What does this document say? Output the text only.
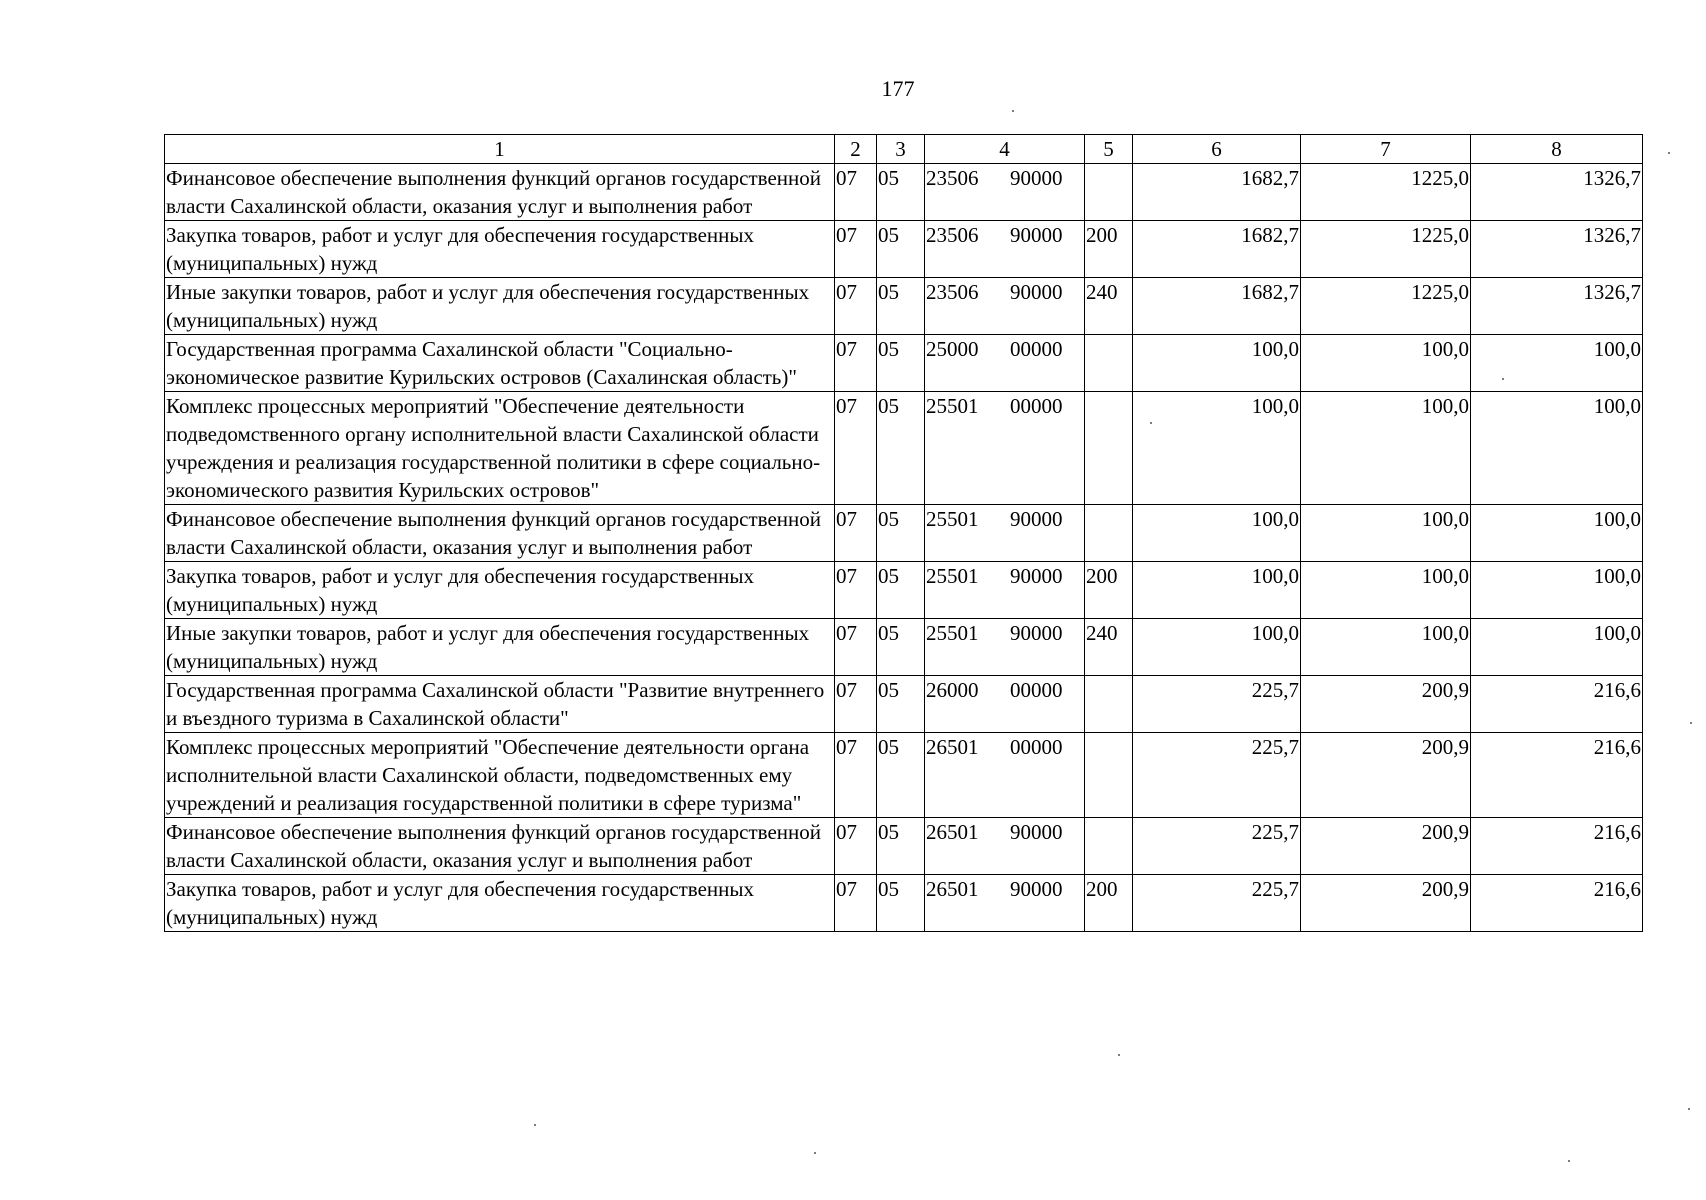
177
1	2	3	4	5	6	7	8
Финансовое обеспечение выполнения функций органов государственной власти Сахалинской области, оказания услуг и выполнения работ	07	05	23506 90000		1682,7	1225,0	1326,7
Закупка товаров, работ и услуг для обеспечения государственных (муниципальных) нужд	07	05	23506 90000	200	1682,7	1225,0	1326,7
Иные закупки товаров, работ и услуг для обеспечения государственных (муниципальных) нужд	07	05	23506 90000	240	1682,7	1225,0	1326,7
Государственная программа Сахалинской области "Социально-экономическое развитие Курильских островов (Сахалинская область)"	07	05	25000 00000		100,0	100,0	100,0
Комплекс процессных мероприятий "Обеспечение деятельности подведомственного органу исполнительной власти Сахалинской области учреждения и реализация государственной политики в сфере социально-экономического развития Курильских островов"	07	05	25501 00000		100,0	100,0	100,0
Финансовое обеспечение выполнения функций органов государственной власти Сахалинской области, оказания услуг и выполнения работ	07	05	25501 90000		100,0	100,0	100,0
Закупка товаров, работ и услуг для обеспечения государственных (муниципальных) нужд	07	05	25501 90000	200	100,0	100,0	100,0
Иные закупки товаров, работ и услуг для обеспечения государственных (муниципальных) нужд	07	05	25501 90000	240	100,0	100,0	100,0
Государственная программа Сахалинской области "Развитие внутреннего и въездного туризма в Сахалинской области"	07	05	26000 00000		225,7	200,9	216,6
Комплекс процессных мероприятий "Обеспечение деятельности органа исполнительной власти Сахалинской области, подведомственных ему учреждений и реализация государственной политики в сфере туризма"	07	05	26501 00000		225,7	200,9	216,6
Финансовое обеспечение выполнения функций органов государственной власти Сахалинской области, оказания услуг и выполнения работ	07	05	26501 90000		225,7	200,9	216,6
Закупка товаров, работ и услуг для обеспечения государственных (муниципальных) нужд	07	05	26501 90000	200	225,7	200,9	216,6
